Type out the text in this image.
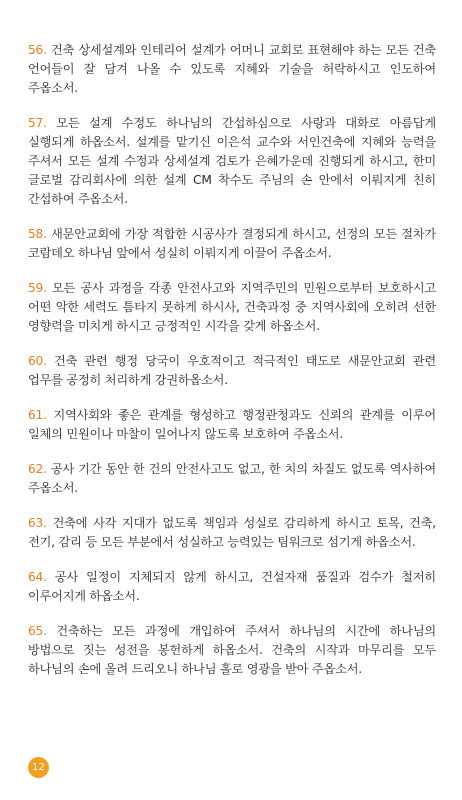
56. 건축 상세설계와 인테리어 설계가 어머니 교회로 표현해야 하는 모든 건축 언어들이 잘 담겨 나올 수 있도록 지혜와 기술을 허락하시고 인도하여 주옵소서.

57. 모든 설계 수정도 하나님의 간섭하심으로 사랑과 대화로 아름답게 실행되게 하옵소서. 설계를 맡기신 이은석 교수와 서인건축에 지혜와 능력을 주셔서 모든 설계 수정과 상세설계 검토가 은혜가운데 진행되게 하시고, 한미 글로벌 감리회사에 의한 설계 CM 착수도 주님의 손 안에서 이뤄지게 친히 간섭하여 주옵소서.

58. 새문안교회에 가장 적합한 시공사가 결정되게 하시고, 선정의 모든 절차가 코람데오 하나님 앞에서 성실히 이뤄지게 이끌어 주옵소서.

59. 모든 공사 과정을 각종 안전사고와 지역주민의 민원으로부터 보호하시고 어떤 악한 세력도 틈타지 못하게 하시사, 건축과정 중 지역사회에 오히려 선한 영향력을 미치게 하시고 긍정적인 시각을 갖게 하옵소서.

60. 건축 관련 행정 당국이 우호적이고 적극적인 태도로 새문안교회 관련 업무를 공정히 처리하게 강권하옵소서.

61. 지역사회와 좋은 관계를 형성하고 행정관청과도 신뢰의 관계를 이루어 일체의 민원이나 마찰이 일어나지 않도록 보호하여 주옵소서.

62. 공사 기간 동안 한 건의 안전사고도 없고, 한 치의 차질도 없도록 역사하여 주옵소서.

63. 건축에 사각 지대가 없도록 책임과 성실로 감리하게 하시고 토목, 건축, 전기, 감리 등 모든 부분에서 성실하고 능력있는 팀워크로 섬기게 하옵소서.

64. 공사 일정이 지체되지 않게 하시고, 건설자재 품질과 검수가 철저히 이루어지게 하옵소서.

65. 건축하는 모든 과정에 개입하여 주셔서 하나님의 시간에 하나님의 방법으로 짓는 성전을 봉헌하게 하옵소서. 건축의 시작과 마무리를 모두 하나님의 손에 올려 드리오니 하나님 홀로 영광을 받아 주옵소서.

12
